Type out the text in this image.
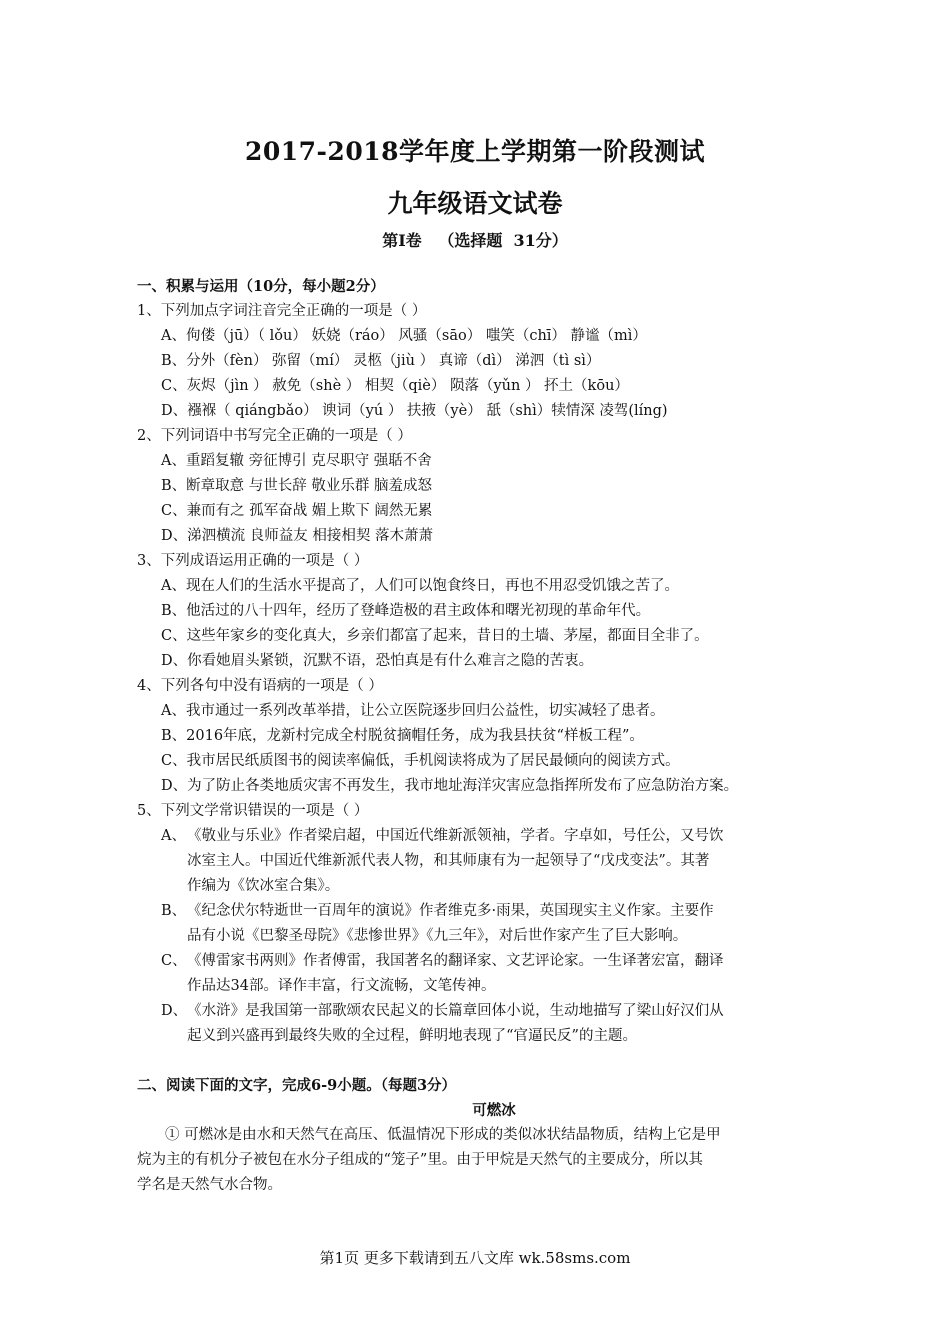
2017-2018学年度上学期第一阶段测试
九年级语文试卷
第Ⅰ卷   （选择题  31分）
一、积累与运用（10分，每小题2分）
1、下列加点字词注音完全正确的一项是（ ）
A、佝偻（jū）（ lǒu） 妖娆（ráo） 风骚（sāo） 嗤笑（chī） 静谧（mì）
B、分外（fèn） 弥留（mí） 灵柩（jiù ） 真谛（dì） 涕泗（tì sì）
C、灰烬（jìn ） 赦免（shè ） 相契（qiè） 陨落（yǔn ） 抔土（kōu）
D、襁褓（ qiángbǎo） 谀词（yú ） 扶掖（yè） 舐（shì）犊情深 凌驾(líng)
2、下列词语中书写完全正确的一项是（ ）
A、重蹈复辙 旁征博引 克尽职守 强聒不舍
B、断章取意 与世长辞 敬业乐群 脑羞成怒
C、兼而有之 孤军奋战 媚上欺下 阔然无累
D、涕泗横流 良师益友 相接相契 落木萧萧
3、下列成语运用正确的一项是（ ）
A、现在人们的生活水平提高了，人们可以饱食终日，再也不用忍受饥饿之苦了。
B、他活过的八十四年，经历了登峰造极的君主政体和曙光初现的革命年代。
C、这些年家乡的变化真大，乡亲们都富了起来，昔日的土墙、茅屋，都面目全非了。
D、你看她眉头紧锁，沉默不语，恐怕真是有什么难言之隐的苦衷。
4、下列各句中没有语病的一项是（ ）
A、我市通过一系列改革举措，让公立医院逐步回归公益性，切实减轻了患者。
B、2016年底，龙新村完成全村脱贫摘帽任务，成为我县扶贫“样板工程”。
C、我市居民纸质图书的阅读率偏低，手机阅读将成为了居民最倾向的阅读方式。
D、为了防止各类地质灾害不再发生，我市地址海洋灾害应急指挥所发布了应急防治方案。
5、下列文学常识错误的一项是（ ）
A、 《敬业与乐业》作者梁启超，中国近代维新派领袖，学者。字卓如，号任公，又号饮
冰室主人。中国近代维新派代表人物，和其师康有为一起领导了“戊戌变法”。其著
作编为《饮冰室合集》。
B、 《纪念伏尔特逝世一百周年的演说》作者维克多·雨果，英国现实主义作家。主要作
品有小说《巴黎圣母院》《悲惨世界》《九三年》，对后世作家产生了巨大影响。
C、 《傅雷家书两则》作者傅雷，我国著名的翻译家、文艺评论家。一生译著宏富，翻译
作品达34部。译作丰富，行文流畅，文笔传神。
D、 《水浒》是我国第一部歌颂农民起义的长篇章回体小说，生动地描写了梁山好汉们从
起义到兴盛再到最终失败的全过程，鲜明地表现了“官逼民反”的主题。
二、阅读下面的文字，完成6-9小题。（每题3分）
可燃冰
① 可燃冰是由水和天然气在高压、低温情况下形成的类似冰状结晶物质，结构上它是甲
烷为主的有机分子被包在水分子组成的“笼子”里。由于甲烷是天然气的主要成分，所以其
学名是天然气水合物。
第1页 更多下载请到五八文库 wk.58sms.com
